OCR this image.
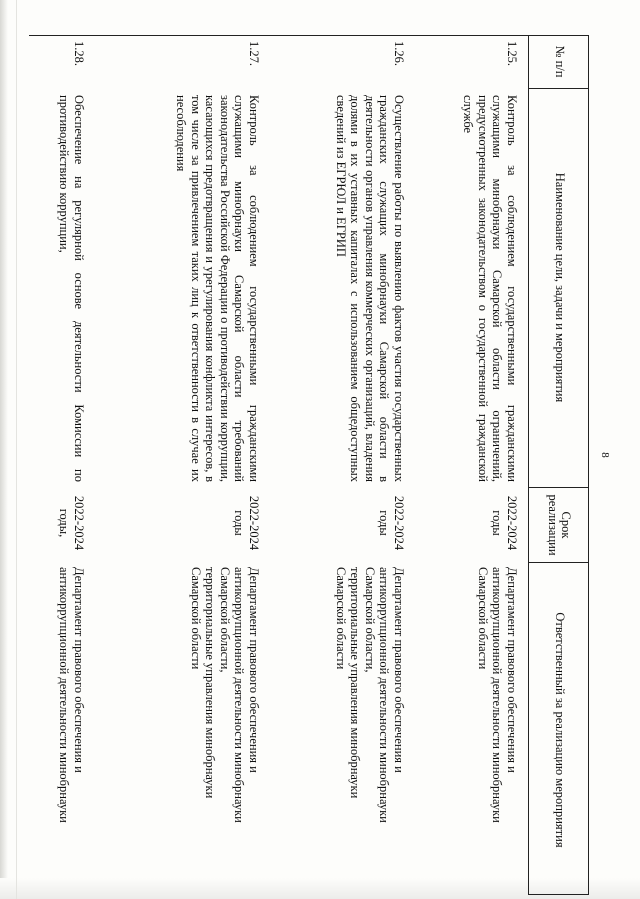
8
№ п/п
Наименование цели, задачи и мероприятия
Срок реализации
Ответственный за реализацию мероприятия
1.25.
Контроль за соблюдением государственными гражданскими служащими минобрнауки Самарской области ограничений, предусмотренных законодательством о государственной гражданской службе
2022-2024 годы
Департамент правового обеспечения и
антикоррупционной деятельности минобрнауки
Самарской области
1.26.
Осуществление работы по выявлению фактов участия государственных гражданских служащих минобрнауки Самарской области в деятельности органов управления коммерческих организаций, владения долями в их уставных капиталах с использованием общедоступных сведений из ЕГРЮЛ и ЕГРИП
2022-2024 годы
Департамент правового обеспечения и
антикоррупционной деятельности минобрнауки
Самарской области,
территориальные управления минобрнауки
Самарской области
1.27.
Контроль за соблюдением государственными гражданскими служащими минобрнауки Самарской области требований законодательства Российской Федерации о противодействии коррупции, касающихся предотвращения и урегулирования конфликта интересов, в том числе за привлечением таких лиц к ответственности в случае их несоблюдения
2022-2024 годы
Департамент правового обеспечения и
антикоррупционной деятельности минобрнауки
Самарской области,
территориальные управления минобрнауки
Самарской области
1.28.
Обеспечение на регулярной основе деятельности Комиссии по противодействию коррупции,
2022-2024 годы,
Департамент правового обеспечения и
антикоррупционной деятельности минобрнауки
